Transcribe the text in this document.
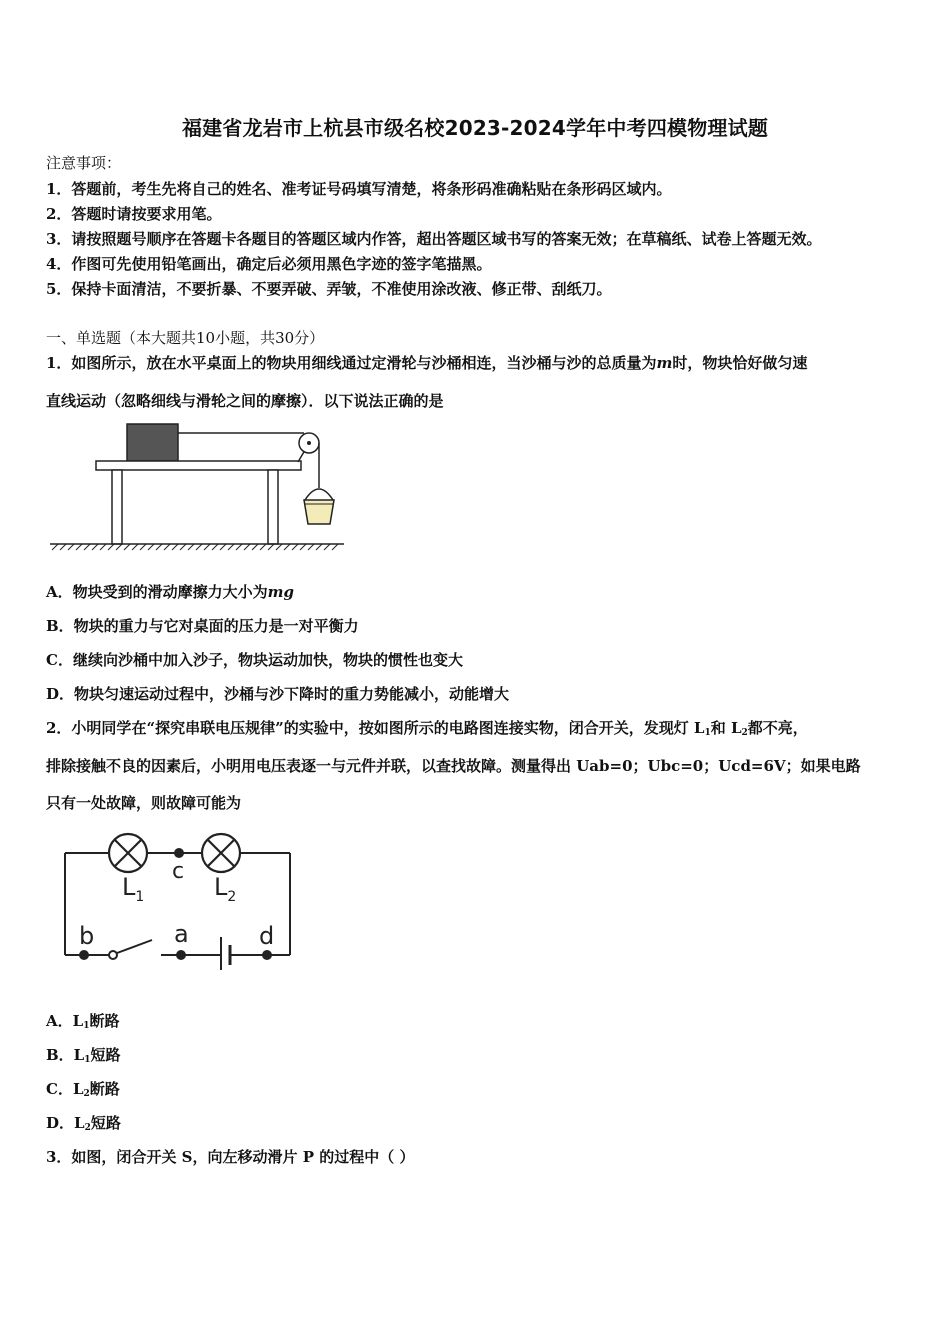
福建省龙岩市上杭县市级名校2023-2024学年中考四模物理试题
注意事项：
1．答题前，考生先将自己的姓名、准考证号码填写清楚，将条形码准确粘贴在条形码区域内。
2．答题时请按要求用笔。
3．请按照题号顺序在答题卡各题目的答题区域内作答，超出答题区域书写的答案无效；在草稿纸、试卷上答题无效。
4．作图可先使用铅笔画出，确定后必须用黑色字迹的签字笔描黑。
5．保持卡面清洁，不要折暴、不要弄破、弄皱，不准使用涂改液、修正带、刮纸刀。
一、单选题（本大题共10小题，共30分）
1．如图所示，放在水平桌面上的物块用细线通过定滑轮与沙桶相连，当沙桶与沙的总质量为m时，物块恰好做匀速
直线运动（忽略细线与滑轮之间的摩擦）．以下说法正确的是
A．物块受到的滑动摩擦力大小为mg
B．物块的重力与它对桌面的压力是一对平衡力
C．继续向沙桶中加入沙子，物块运动加快，物块的惯性也变大
D．物块匀速运动过程中，沙桶与沙下降时的重力势能减小，动能增大
2．小明同学在“探究串联电压规律”的实验中，按如图所示的电路图连接实物，闭合开关，发现灯 $L_1$和 $L_2$都不亮，
排除接触不良的因素后，小明用电压表逐一与元件并联，以查找故障。测量得出 Uab=0；Ubc=0；Ucd=6V；如果电路
只有一处故障，则故障可能为
c
$L_1$	$L_2$
b	a	d
A．$L_1$断路
B．$L_1$短路
C．$L_2$断路
D．$L_2$短路
3．如图，闭合开关 S，向左移动滑片 P 的过程中（ ）
